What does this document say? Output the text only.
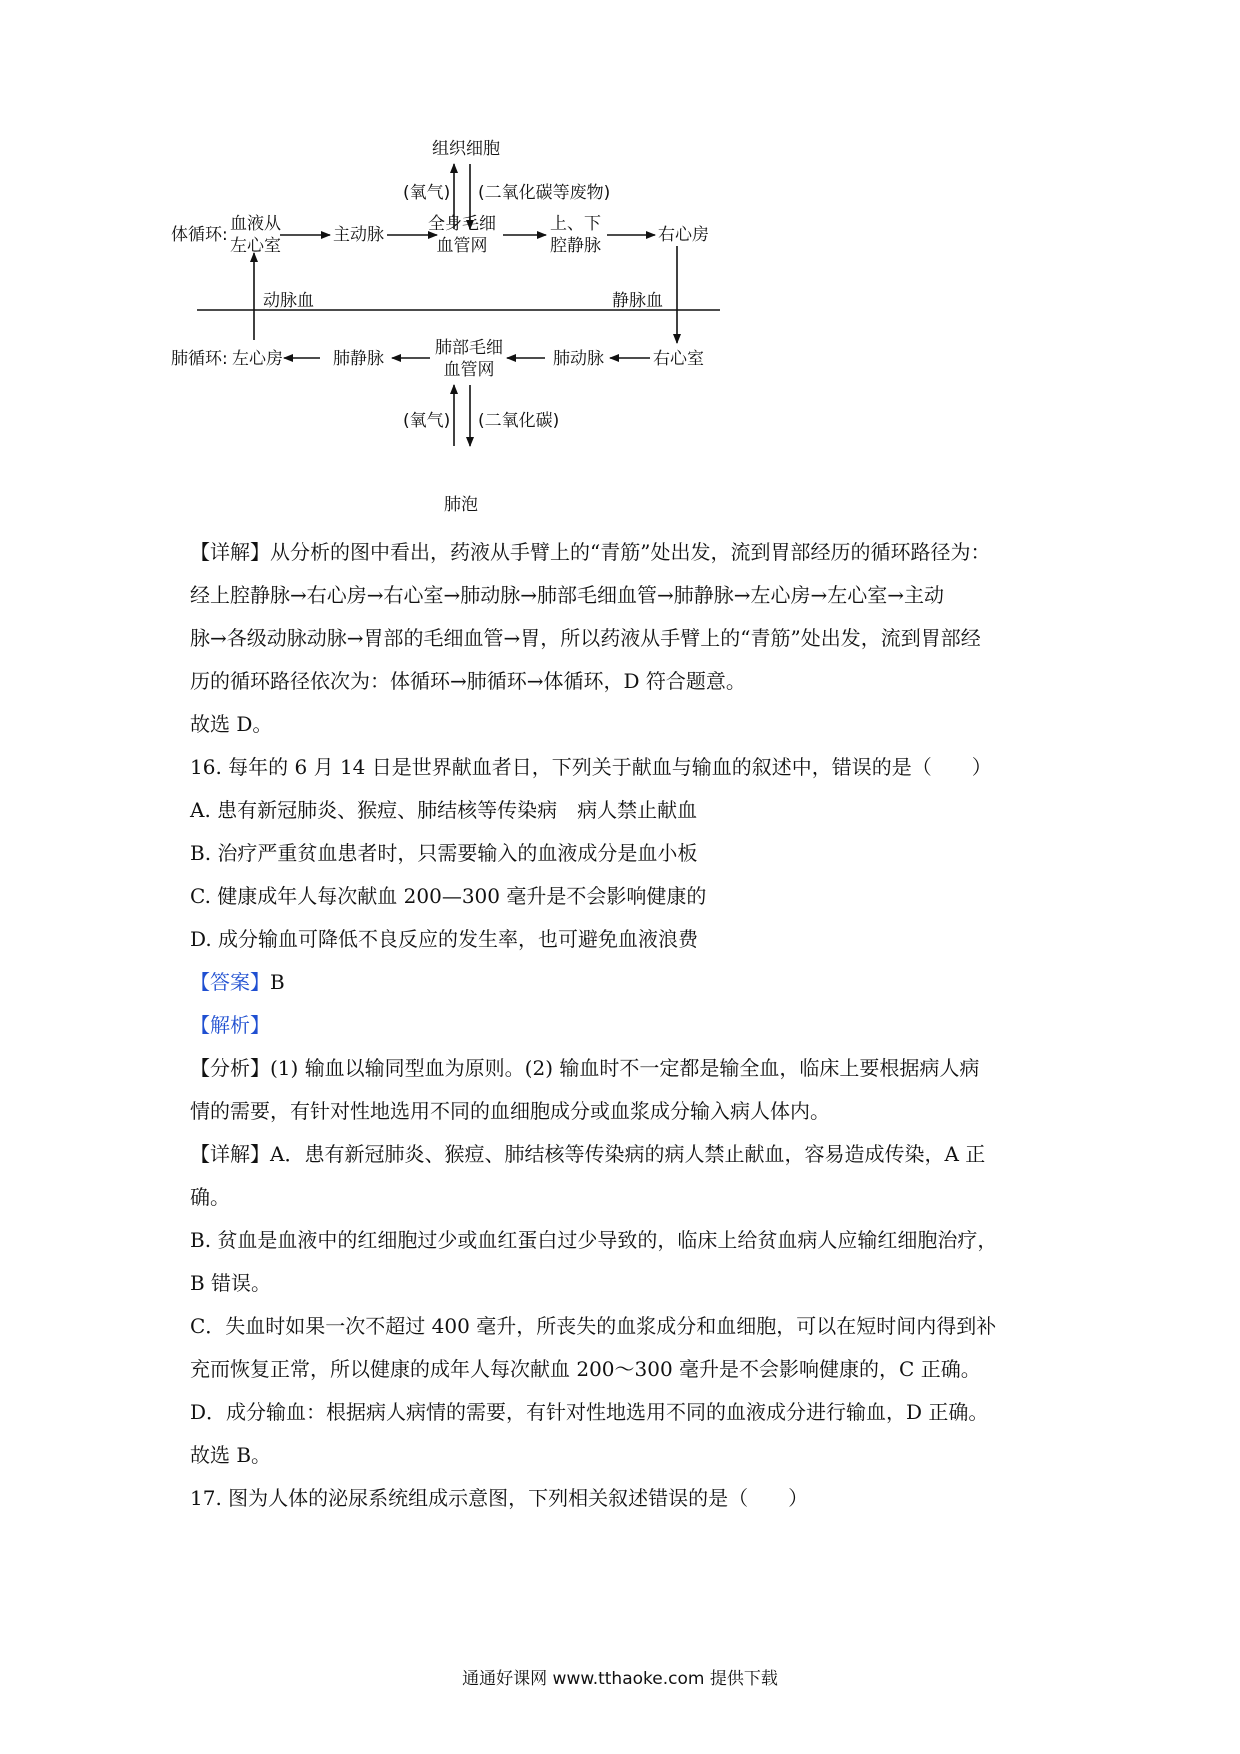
组织细胞
(氧气) (二氧化碳等废物)
体循环:
血液从
左心室
主动脉
全身毛细
血管网
上、下
腔静脉
右心房
动脉血	静脉血
肺循环: 左心房	肺静脉
肺部毛细
血管网
肺动脉	右心室
(氧气) (二氧化碳)
肺泡
【详解】从分析的图中看出，药液从手臂上的“青筋”处出发，流到胃部经历的循环路径为：
经上腔静脉→右心房→右心室→肺动脉→肺部毛细血管→肺静脉→左心房→左心室→主动
脉→各级动脉动脉→胃部的毛细血管→胃，所以药液从手臂上的“青筋”处出发，流到胃部经
历的循环路径依次为：体循环→肺循环→体循环，D 符合题意。
故选 D。
16. 每年的 6 月 14 日是世界献血者日，下列关于献血与输血的叙述中，错误的是（　　）
A. 患有新冠肺炎、猴痘、肺结核等传染病　病人禁止献血
B. 治疗严重贫血患者时，只需要输入的血液成分是血小板
C. 健康成年人每次献血 200—300 毫升是不会影响健康的
D. 成分输血可降低不良反应的发生率，也可避免血液浪费
【答案】B
【解析】
【分析】(1) 输血以输同型血为原则。(2) 输血时不一定都是输全血，临床上要根据病人病
情的需要，有针对性地选用不同的血细胞成分或血浆成分输入病人体内。
【详解】A．患有新冠肺炎、猴痘、肺结核等传染病的病人禁止献血，容易造成传染，A 正
确。
B. 贫血是血液中的红细胞过少或血红蛋白过少导致的，临床上给贫血病人应输红细胞治疗，
B 错误。
C．失血时如果一次不超过 400 毫升，所丧失的血浆成分和血细胞，可以在短时间内得到补
充而恢复正常，所以健康的成年人每次献血 200～300 毫升是不会影响健康的，C 正确。
D．成分输血：根据病人病情的需要，有针对性地选用不同的血液成分进行输血，D 正确。
故选 B。
17. 图为人体的泌尿系统组成示意图，下列相关叙述错误的是（　　）
通通好课网 www.tthaoke.com 提供下载
